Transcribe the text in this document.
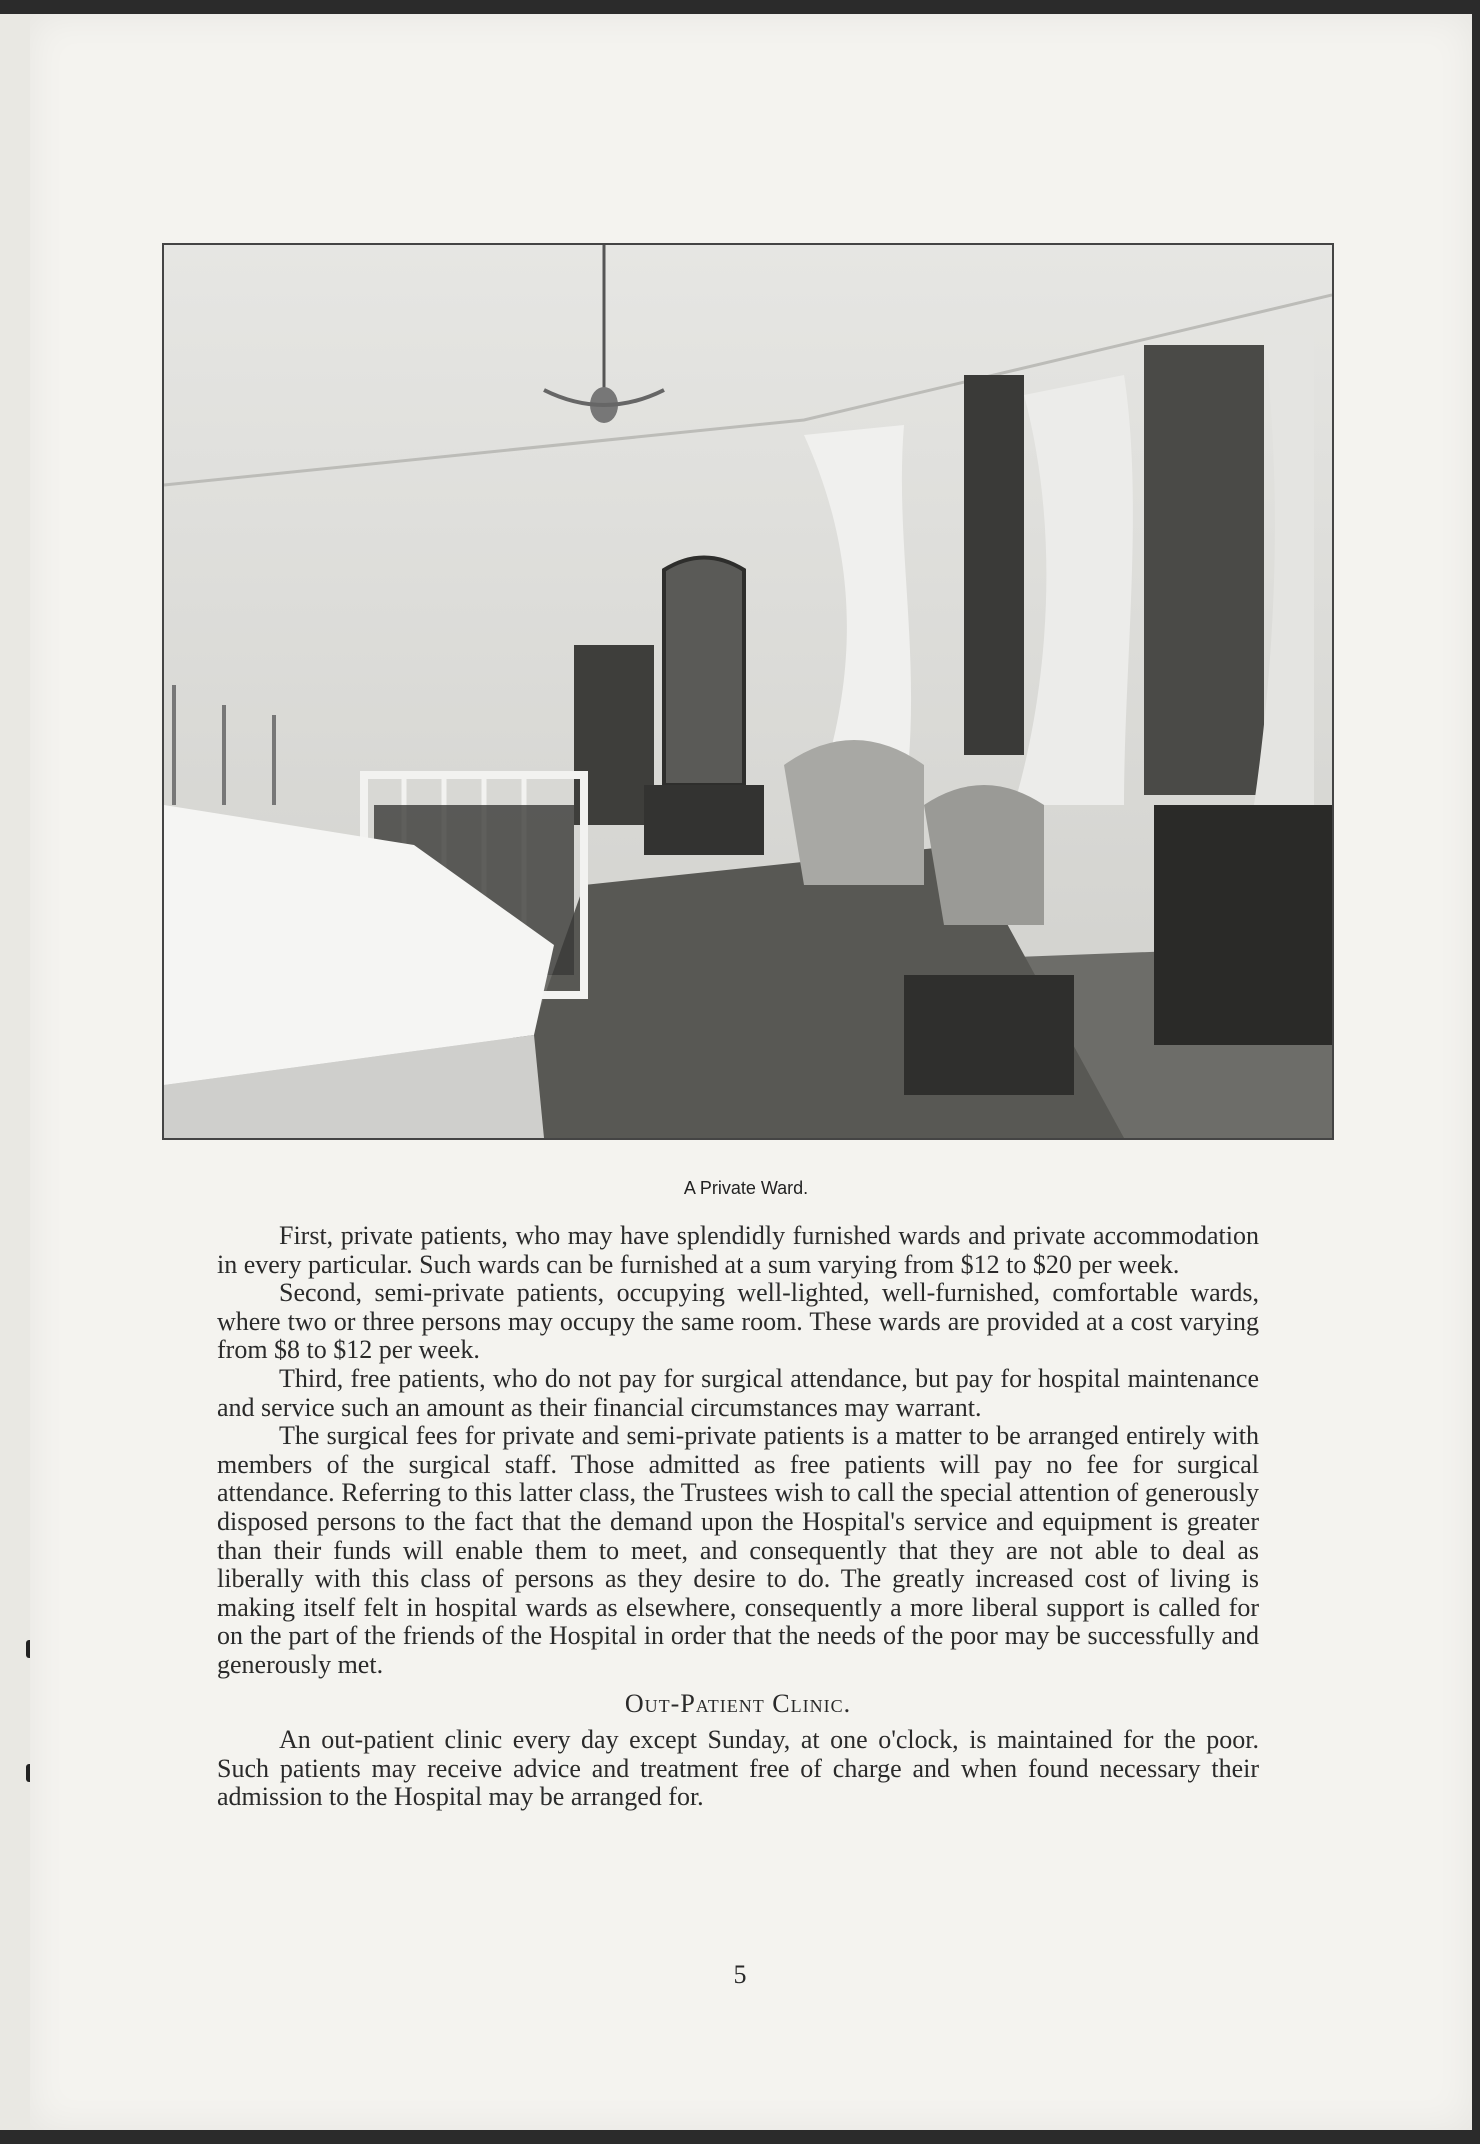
A Private Ward.

First, private patients, who may have splendidly furnished wards and private accommodation in every particular. Such wards can be furnished at a sum varying from $12 to $20 per week.

Second, semi-private patients, occupying well-lighted, well-furnished, comfortable wards, where two or three persons may occupy the same room. These wards are provided at a cost varying from $8 to $12 per week.

Third, free patients, who do not pay for surgical attendance, but pay for hospital maintenance and service such an amount as their financial circumstances may warrant.

The surgical fees for private and semi-private patients is a matter to be arranged entirely with members of the surgical staff. Those admitted as free patients will pay no fee for surgical attendance. Referring to this latter class, the Trustees wish to call the special attention of generously disposed persons to the fact that the demand upon the Hospital's service and equipment is greater than their funds will enable them to meet, and consequently that they are not able to deal as liberally with this class of persons as they desire to do. The greatly increased cost of living is making itself felt in hospital wards as elsewhere, consequently a more liberal support is called for on the part of the friends of the Hospital in order that the needs of the poor may be successfully and generously met.

Out-Patient Clinic.

An out-patient clinic every day except Sunday, at one o'clock, is maintained for the poor. Such patients may receive advice and treatment free of charge and when found necessary their admission to the Hospital may be arranged for.

5
